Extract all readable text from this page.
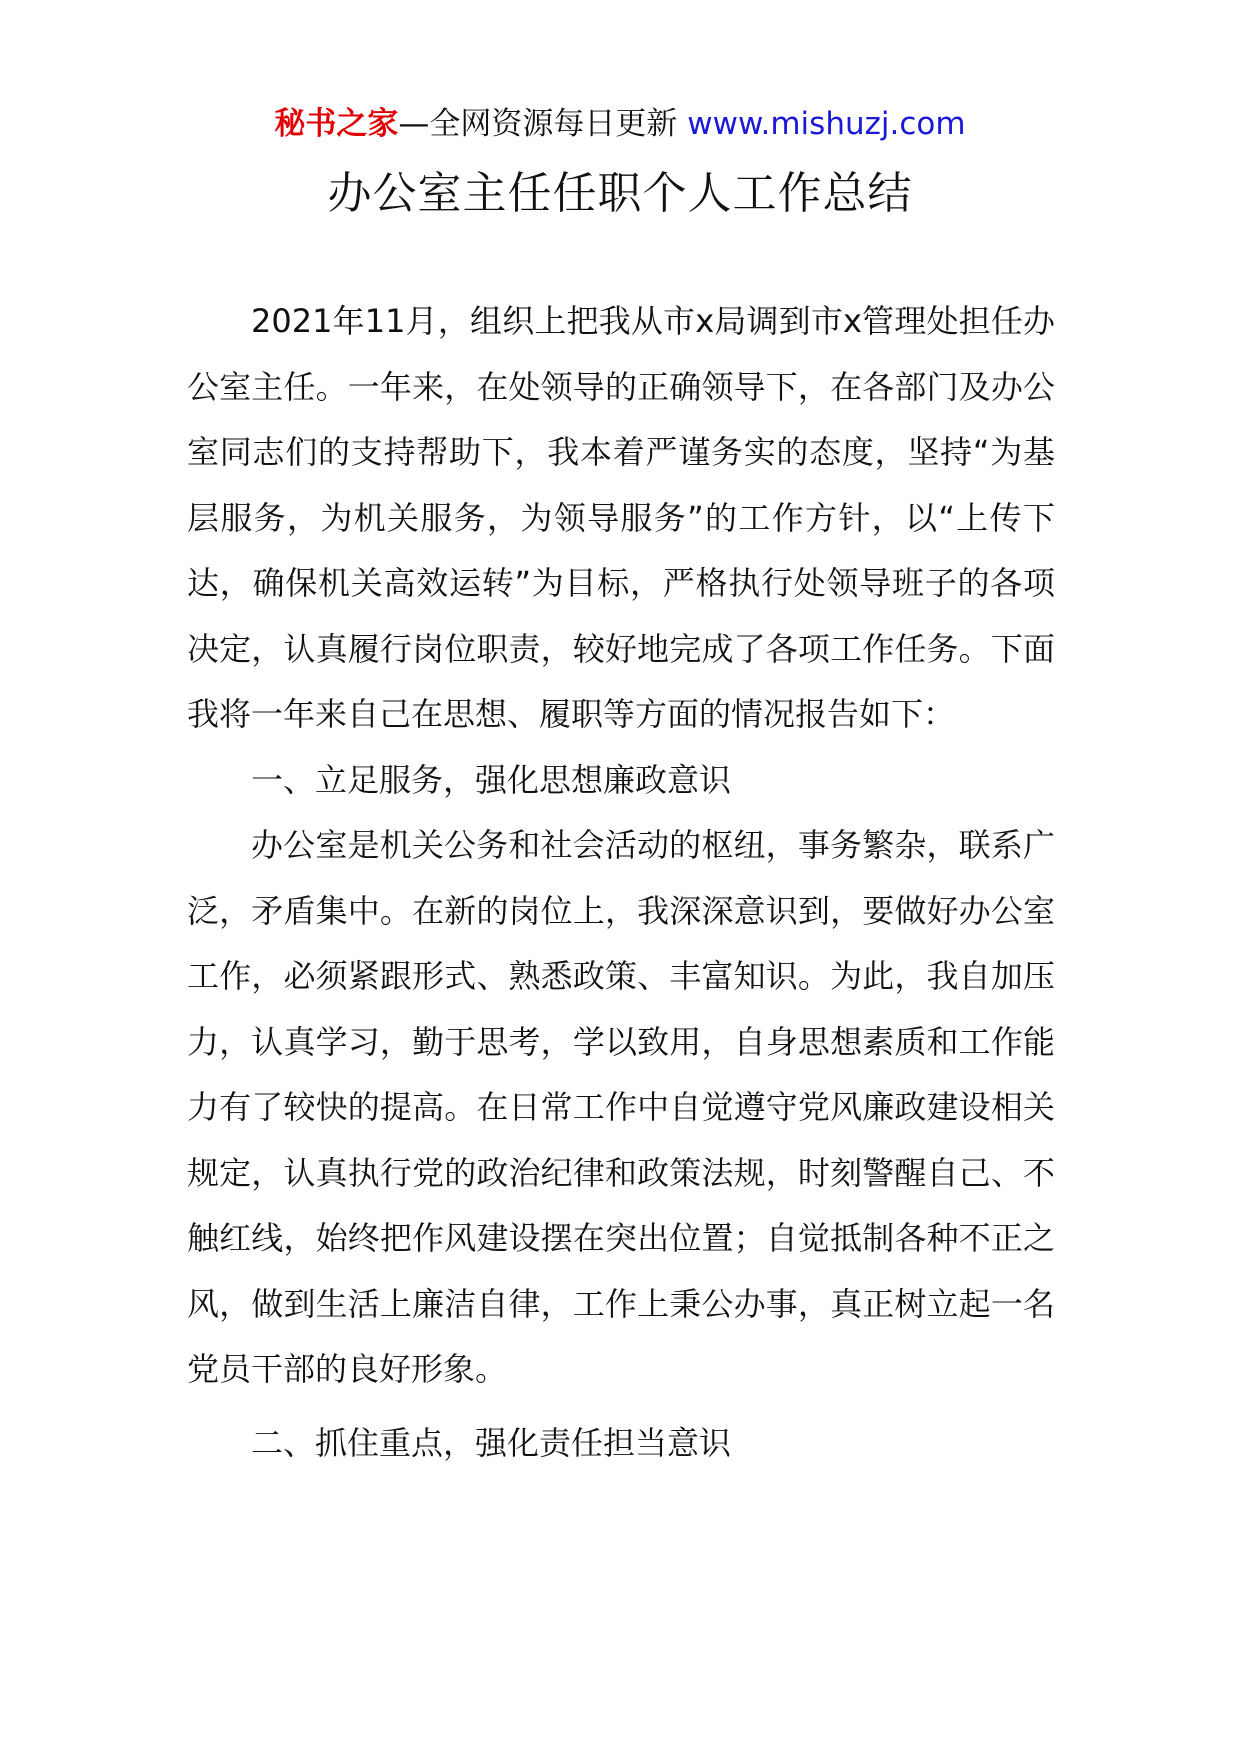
秘书之家—全网资源每日更新 www.mishuzj.com
办公室主任任职个人工作总结

2021年11月，组织上把我从市x局调到市x管理处担任办公室主任。一年来，在处领导的正确领导下，在各部门及办公室同志们的支持帮助下，我本着严谨务实的态度，坚持“为基层服务，为机关服务，为领导服务”的工作方针，以“上传下达，确保机关高效运转”为目标，严格执行处领导班子的各项决定，认真履行岗位职责，较好地完成了各项工作任务。下面我将一年来自己在思想、履职等方面的情况报告如下：

一、立足服务，强化思想廉政意识

办公室是机关公务和社会活动的枢纽，事务繁杂，联系广泛，矛盾集中。在新的岗位上，我深深意识到，要做好办公室工作，必须紧跟形式、熟悉政策、丰富知识。为此，我自加压力，认真学习，勤于思考，学以致用，自身思想素质和工作能力有了较快的提高。在日常工作中自觉遵守党风廉政建设相关规定，认真执行党的政治纪律和政策法规，时刻警醒自己、不触红线，始终把作风建设摆在突出位置；自觉抵制各种不正之风，做到生活上廉洁自律，工作上秉公办事，真正树立起一名党员干部的良好形象。

二、抓住重点，强化责任担当意识
